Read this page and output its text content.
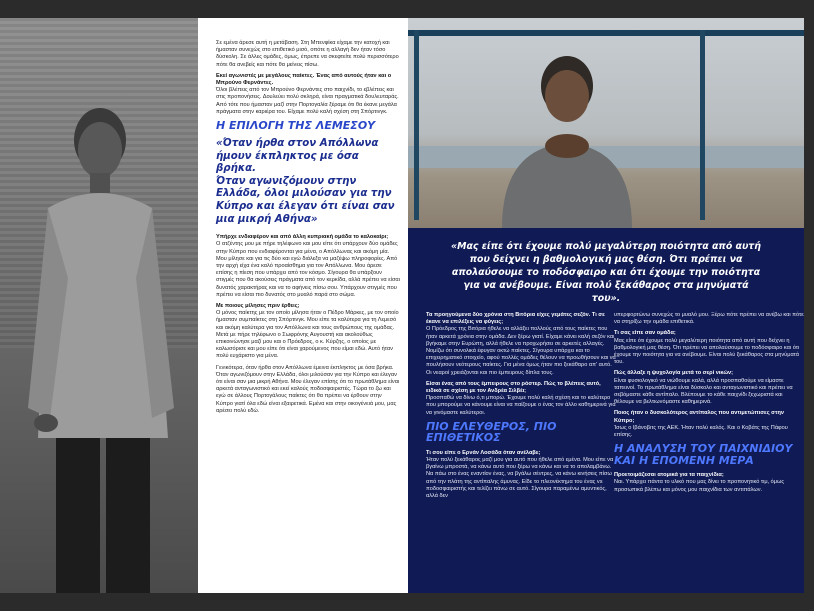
Σε εμένα άρεσε αυτή η μετάβαση. Στη Μπενφίκα είχαμε την κατοχή και ήμασταν συνεχώς στο επιθετικό μισό, οπότε η αλλαγή δεν ήταν τόσο δύσκολη. Σε άλλες ομάδες, όμως, έπρεπε να σκεφτείτε πολύ περισσότερο πότε θα ανεβείς και πότε θα μείνεις πίσω.

Εκεί αγωνιστές με μεγάλους παίκτες. Ένας από αυτούς ήταν και ο Μπρούνο Φερνάντες.

Όλοι βλέπεις από τον Μπρούνο Φερνάντες στο παιχνίδι, το εβλέπεις και στις προπονήσεις. Δουλεύει πολύ σκληρά, είναι πραγματικά δουλευταράς. Από τότε που ήμασταν μαζί στην Πορτογαλία ξέραμε ότι θα έκανε μεγάλα πράγματα στην καριέρα του. Είχαμε πολύ καλή σχέση στη Σπόρτινγκ.

Η ΕΠΙΛΟΓΗ ΤΗΣ ΛΕΜΕΣΟΥ
«Όταν ήρθα στον Απόλλωνα ήμουν έκπληκτος με όσα βρήκα.
Όταν αγωνιζόμουν στην Ελλάδα, όλοι μιλούσαν για την Κύπρο και έλεγαν ότι είναι σαν μια μικρή Αθήνα»

Υπήρχε ενδιαφέρον και από άλλη κυπριακή ομάδα το καλοκαίρι;

Ο ατζέντης μου με πήρε τηλέφωνο και μου είπε ότι υπάρχουν δύο ομάδες στην Κύπρο που ενδιαφέρονται για μένα, ο Απόλλωνας και ακόμη μία. Μου μίλησε και για τις δύο και εγώ διάλεξα να μαζέψω πληροφορίες. Από την αρχή είχα ένα καλό προαίσθημα για τον Απόλλωνα. Μου άρεσε επίσης η πίεση που υπάρχει από τον κόσμο. Σίγουρα θα υπάρξουν στιγμές που θα ακούσεις πράγματα από τον κερκίδα, αλλά πρέπει να είσαι δυνατός χαρακτήρας και να το αφήνεις πίσω σου. Υπάρχουν στιγμές που πρέπει να είσαι πιο δυνατός στο μυαλό παρά στο σώμα.

Με ποιους μίλησες πριν έρθεις;

Ο μόνος παίκτης με τον οποίο μίλησα ήταν ο Πέδρο Μάρκες, με τον οποίο ήμασταν συμπαίκτες στη Σπόρτινγκ. Μου είπε τα καλύτερα για τη Λεμεσό και ακόμη καλύτερα για τον Απόλλωνα και τους ανθρώπους της ομάδας. Μετά με πήρε τηλέφωνο ο Σωφρόνης Αυγουστή και ακολούθως επικοινώνησε μαζί μου και ο Πρόεδρος, ο κ. Κύρζης, ο οποίος με καλωσόρισε και μου είπε ότι είναι χαρούμενος που είμαι εδώ. Αυτό ήταν πολύ ευχάριστο για μένα.

Γενικότερα, όταν ήρθα στον Απόλλωνα έμεινα έκπληκτος με όσα βρήκα. Όταν αγωνιζόμουν στην Ελλάδα, όλοι μιλούσαν για την Κύπρο και έλεγαν ότι είναι σαν μια μικρή Αθήνα. Μου έλεγαν επίσης ότι το πρωτάθλημα είναι αρκετά ανταγωνιστικό και εκεί καλούς ποδοσφαιριστές. Τώρα το ζω και εγώ σε άλλους Πορτογάλους παίκτες ότι θα πρέπει να έρθουν στην Κύπρο γιατί όλα εδώ είναι εξαιρετικά. Εμένα και στην οικογένειά μου, μας αρέσει πολύ εδώ.

«Μας είπε ότι έχουμε πολύ μεγαλύτερη ποιότητα από αυτή που δείχνει η βαθμολογική μας θέση. Ότι πρέπει να απολαύσουμε το ποδόσφαιρο και ότι έχουμε την ποιότητα για να ανέβουμε. Είναι πολύ ξεκάθαρος στα μηνύματά του».

Τα προηγούμενα δύο χρόνια στη Βιτόρια είχες γεμάτες σεζόν. Τι σε έκανε να επιλέξεις να φύγεις;

Ο Πρόεδρος της Βιτόρια ήθελε να αλλάξει πολλούς από τους παίκτες που ήταν αρκετά χρόνια στην ομάδα. Δεν ξέρω γιατί. Είχαμε κάνει καλή σεζόν και βγήκαμε στην Ευρώπη, αλλά ήθελε να προχωρήσει σε αρκετές αλλαγές. Νομίζω ότι συνολικά έφυγαν οκτώ παίκτες. Σίγουρα υπάρχει και το επιχειρηματικό στοιχείο, αφού πολλές ομάδες θέλουν να προωθήσουν και να πουλήσουν νεότερους παίκτες. Για μένα όμως ήταν πιο ξεκάθαρο απ' αυτό. Οι νεαροί χρειάζονται και πιο έμπειρους δίπλα τους.

Είσαι ένας από τους έμπειρους στο ρόστερ. Πώς το βλέπεις αυτό, ειδικά σε σχέση με τον Ανδρέα Σιλβέι;

Προσπαθώ να δίνω ό,τι μπορώ. Έχουμε πολύ καλή σχέση και το καλύτερο που μπορούμε να κάνουμε είναι να παίζουμε ο ένας τον άλλο καθημερινά για να γινόμαστε καλύτεροι.

ΠΙΟ ΕΛΕΥΘΕΡΟΣ, ΠΙΟ ΕΠΙΘΕΤΙΚΟΣ

Τι σου είπε ο Ερνάν Λοσάδα όταν ανέλαβε;

Ήταν πολύ ξεκάθαρος μαζί μου για αυτό που ήθελε από εμένα. Μου είπε να βγαίνω μπροστά, να κάνω αυτό που ξέρω να κάνω και να το απολαμβάνω. Να πάω στο ένας εναντίον ένας, να βγάλω σέντρες, να κάνω κινήσεις πίσω από την πλάτη της αντίπαλης άμυνας. Είδε το πλεονέκτημα του ένας vs ποδοσφαιριστής και τελίζει πάνω σε αυτό. Σίγουρα παραμένω αμυντικός, αλλά δεν

υπερφορτώνω συνεχώς το μυαλό μου. Ξέρω πότε πρέπει να ανέβω και πότε να στηρίξω την ομάδα επιθετικά.

Τι σας είπε σαν ομάδα;

Μας είπε ότι έχουμε πολύ μεγαλύτερη ποιότητα από αυτή που δείχνει η βαθμολογική μας θέση. Ότι πρέπει να απολαύσουμε το ποδόσφαιρο και ότι έχουμε την ποιότητα για να ανέβουμε. Είναι πολύ ξεκάθαρος στα μηνύματά του.

Πώς άλλαξε η ψυχολογία μετά το σερί νικών;

Είναι φυσιολογικό να νιώθουμε καλά, αλλά προσπαθούμε να είμαστε ταπεινοί. Το πρωτάθλημα είναι δύσκολο και ανταγωνιστικό και πρέπει να σεβόμαστε κάθε αντίπαλο. Βλέπουμε το κάθε παιχνίδι ξεχωριστά και θέλουμε να βελτιωνόμαστε καθημερινά.

Ποιος ήταν ο δυσκολότερος αντίπαλος που αντιμετώπισες στην Κύπρο;

Ίσως ο Ιβάνοβιτς της ΑΕΚ. Ήταν πολύ καλός. Και ο Κοβάτς της Πάφου επίσης.

Η ΑΝΑΛΥΣΗ ΤΟΥ ΠΑΙΧΝΙΔΙΟΥ ΚΑΙ Η ΕΠΟΜΕΝΗ ΜΕΡΑ

Προετοιμάζεσαι ατομικά για τα παιχνίδια;

Ναι. Υπάρχει πάντα το υλικό που μας δίνει το προπονητικό τιμ, όμως προσωπικά βλέπω και μόνος μου παιχνίδια των αντιπάλων.
